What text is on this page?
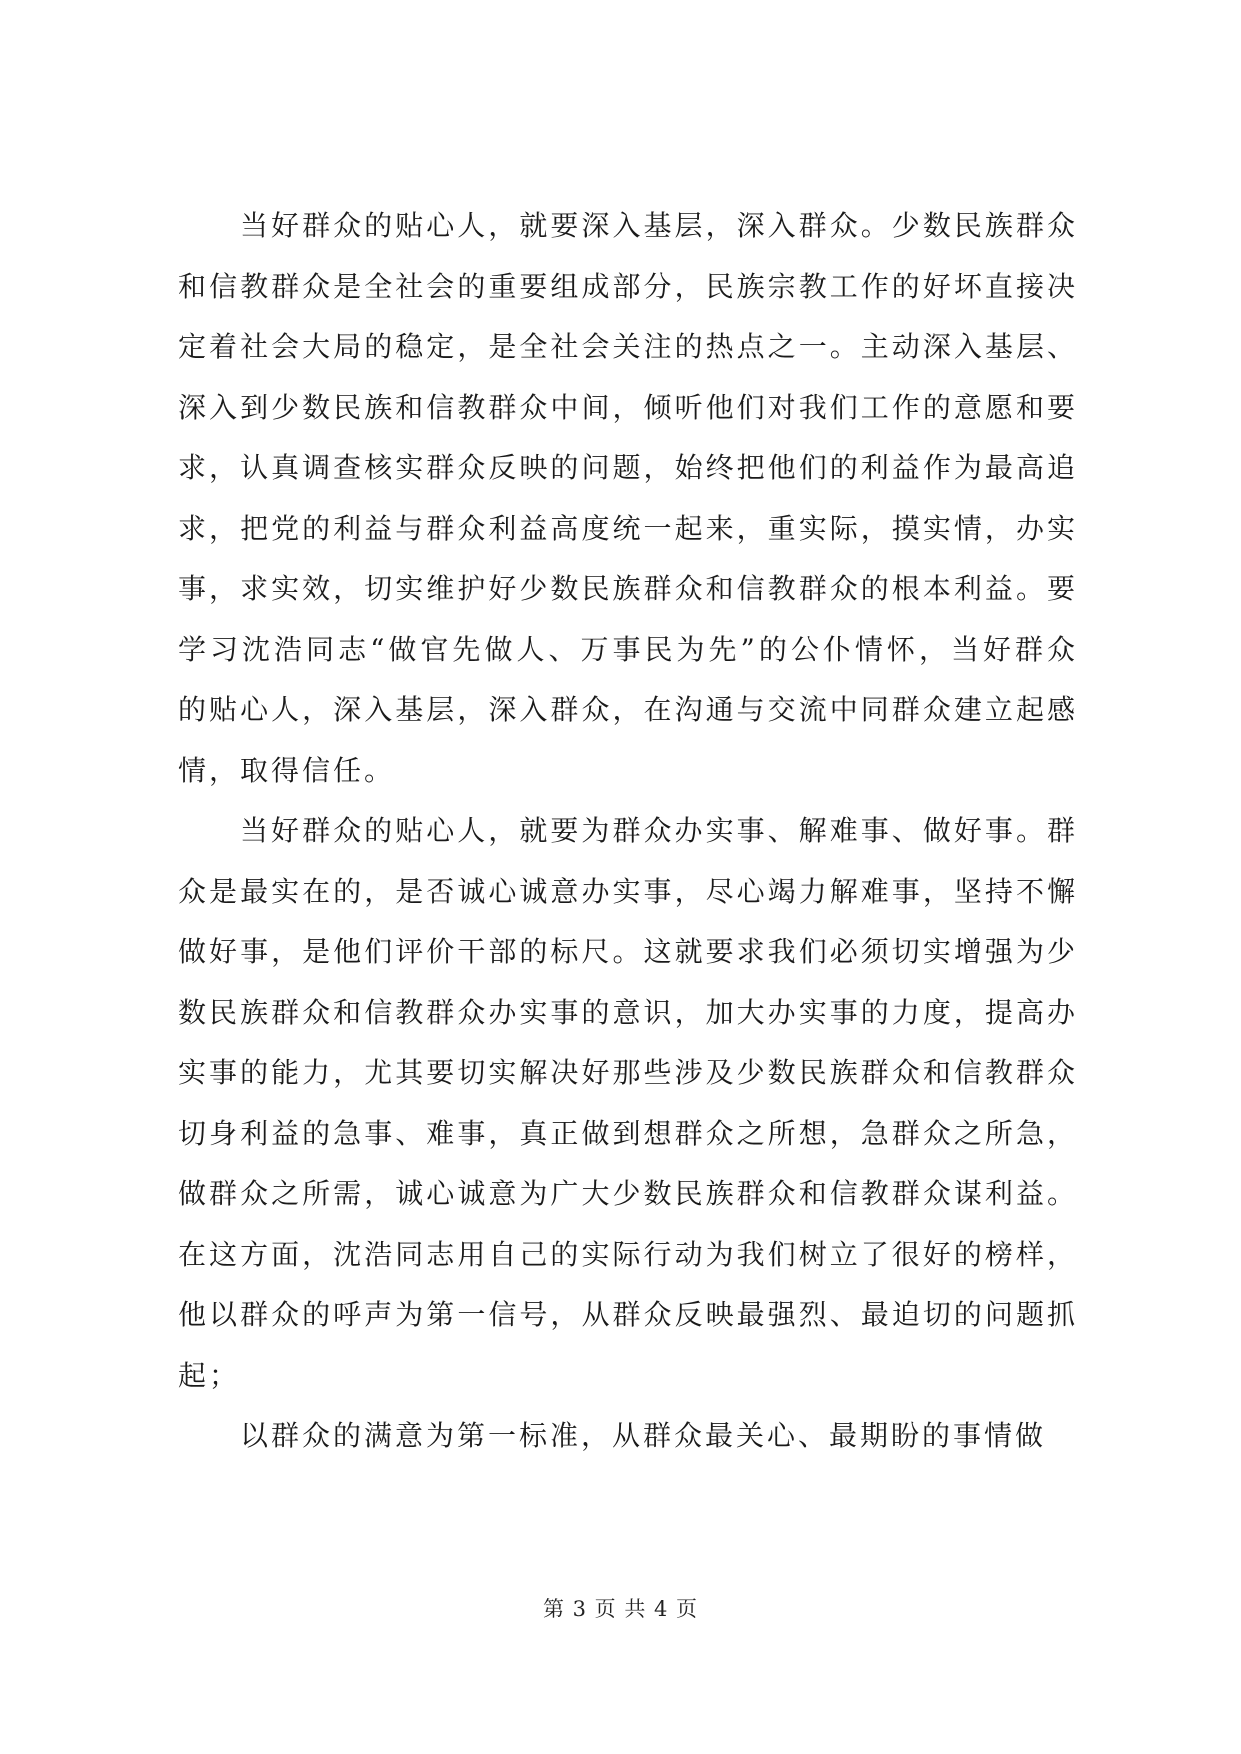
当好群众的贴心人，就要深入基层，深入群众。少数民族群众和信教群众是全社会的重要组成部分，民族宗教工作的好坏直接决定着社会大局的稳定，是全社会关注的热点之一。主动深入基层、深入到少数民族和信教群众中间，倾听他们对我们工作的意愿和要求，认真调查核实群众反映的问题，始终把他们的利益作为最高追求，把党的利益与群众利益高度统一起来，重实际，摸实情，办实事，求实效，切实维护好少数民族群众和信教群众的根本利益。要学习沈浩同志“做官先做人、万事民为先”的公仆情怀，当好群众的贴心人，深入基层，深入群众，在沟通与交流中同群众建立起感情，取得信任。

当好群众的贴心人，就要为群众办实事、解难事、做好事。群众是最实在的，是否诚心诚意办实事，尽心竭力解难事，坚持不懈做好事，是他们评价干部的标尺。这就要求我们必须切实增强为少数民族群众和信教群众办实事的意识，加大办实事的力度，提高办实事的能力，尤其要切实解决好那些涉及少数民族群众和信教群众切身利益的急事、难事，真正做到想群众之所想，急群众之所急，做群众之所需，诚心诚意为广大少数民族群众和信教群众谋利益。在这方面，沈浩同志用自己的实际行动为我们树立了很好的榜样，他以群众的呼声为第一信号，从群众反映最强烈、最迫切的问题抓起；

以群众的满意为第一标准，从群众最关心、最期盼的事情做

第 3 页 共 4 页
